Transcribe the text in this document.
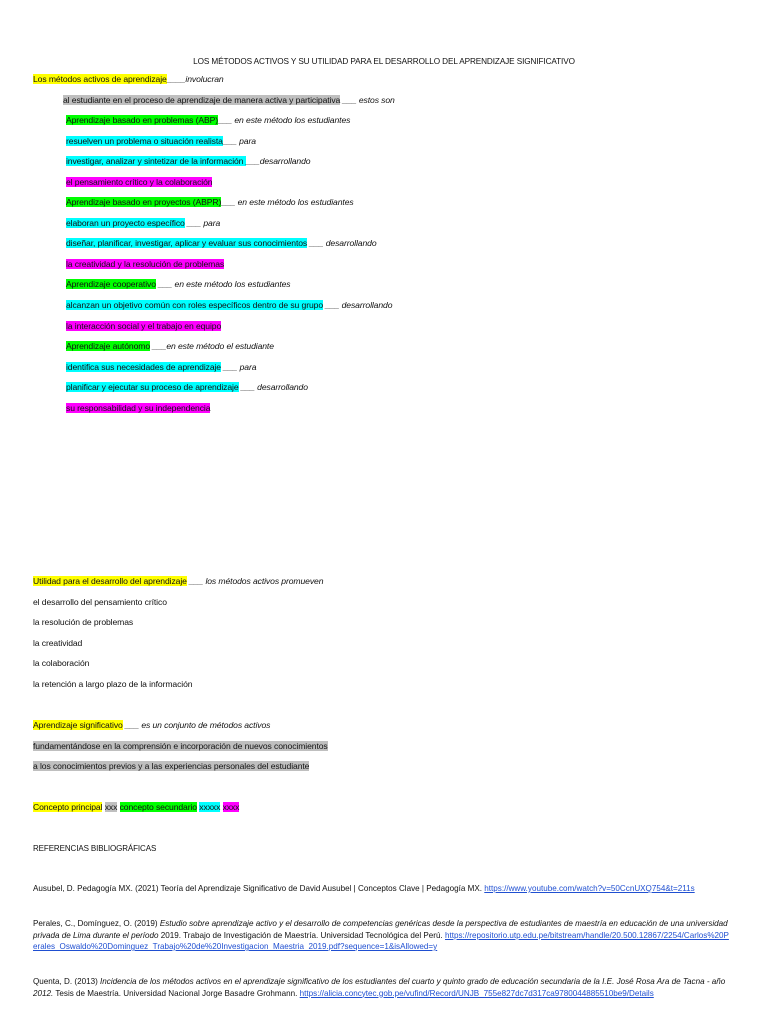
LOS MÉTODOS ACTIVOS Y SU UTILIDAD PARA EL DESARROLLO DEL APRENDIZAJE SIGNIFICATIVO
Los métodos activos de aprendizaje____involucran
al estudiante en el proceso de aprendizaje de manera activa y participativa ___ estos son
Aprendizaje basado en problemas (ABP)___ en este método los estudiantes
resuelven un problema o situación realista___ para
investigar, analizar y sintetizar de la información ___desarrollando
el pensamiento crítico y la colaboración
Aprendizaje basado en proyectos (ABPR)___ en este método los estudiantes
elaboran un proyecto específico ___ para
diseñar, planificar, investigar, aplicar y evaluar sus conocimientos ___ desarrollando
la creatividad y la resolución de problemas
Aprendizaje cooperativo ___ en este método los estudiantes
alcanzan un objetivo común con roles específicos dentro de su grupo ___ desarrollando
la interacción social y el trabajo en equipo
Aprendizaje autónomo ___en este método el estudiante
identifica sus necesidades de aprendizaje ___ para
planificar y ejecutar su proceso de aprendizaje ___ desarrollando
su responsabilidad y su independencia
Utilidad para el desarrollo del aprendizaje ___ los métodos activos promueven
el desarrollo del pensamiento crítico
la resolución de problemas
la creatividad
la colaboración
la retención a largo plazo de la información
Aprendizaje significativo ___ es un conjunto de métodos activos
fundamentándose en la comprensión e incorporación de nuevos conocimientos
a los conocimientos previos y a las experiencias personales del estudiante
Concepto principal xxx concepto secundario xxxxx xxxx
REFERENCIAS BIBLIOGRÁFICAS
Ausubel, D. Pedagogía MX. (2021) Teoría del Aprendizaje Significativo de David Ausubel | Conceptos Clave | Pedagogía MX. https://www.youtube.com/watch?v=50CcnUXQ754&t=211s
Perales, C., Domínguez, O. (2019) Estudio sobre aprendizaje activo y el desarrollo de competencias genéricas desde la perspectiva de estudiantes de maestría en educación de una universidad privada de Lima durante el período 2019. Trabajo de Investigación de Maestría. Universidad Tecnológica del Perú. https://repositorio.utp.edu.pe/bitstream/handle/20.500.12867/2254/Carlos%20Perales_Oswaldo%20Dominguez_Trabajo%20de%20Investigacion_Maestria_2019.pdf?sequence=1&isAllowed=y
Quenta, D. (2013) Incidencia de los métodos activos en el aprendizaje significativo de los estudiantes del cuarto y quinto grado de educación secundaria de la I.E. José Rosa Ara de Tacna - año 2012. Tesis de Maestría. Universidad Nacional Jorge Basadre Grohmann. https://alicia.concytec.gob.pe/vufind/Record/UNJB_755e827dc7d317ca9780044885510be9/Details
